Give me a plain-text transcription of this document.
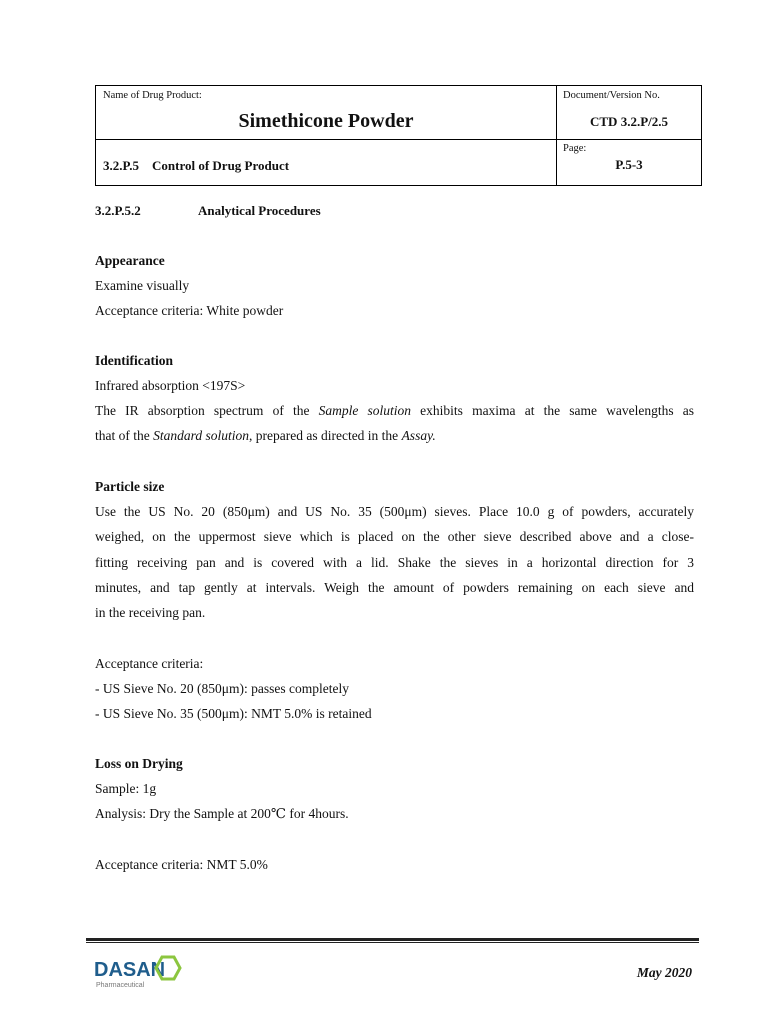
Name of Drug Product:
Simethicone Powder
Document/Version No.
CTD 3.2.P/2.5
3.2.P.5    Control of Drug Product
Page:
P.5-3
3.2.P.5.2	Analytical Procedures
Appearance
Examine visually
Acceptance criteria: White powder
Identification
Infrared absorption <197S>
The IR absorption spectrum of the Sample solution exhibits maxima at the same wavelengths as
that of the Standard solution, prepared as directed in the Assay.
Particle size
Use the US No. 20 (850μm) and US No. 35 (500μm) sieves. Place 10.0 g of powders, accurately
weighed, on the uppermost sieve which is placed on the other sieve described above and a close-
fitting receiving pan and is covered with a lid. Shake the sieves in a horizontal direction for 3
minutes, and tap gently at intervals. Weigh the amount of powders remaining on each sieve and
in the receiving pan.
Acceptance criteria:
- US Sieve No. 20 (850μm): passes completely
- US Sieve No. 35 (500μm): NMT 5.0% is retained
Loss on Drying
Sample: 1g
Analysis: Dry the Sample at 200℃ for 4hours.
Acceptance criteria: NMT 5.0%
DASAN
Pharmaceutical
May 2020
